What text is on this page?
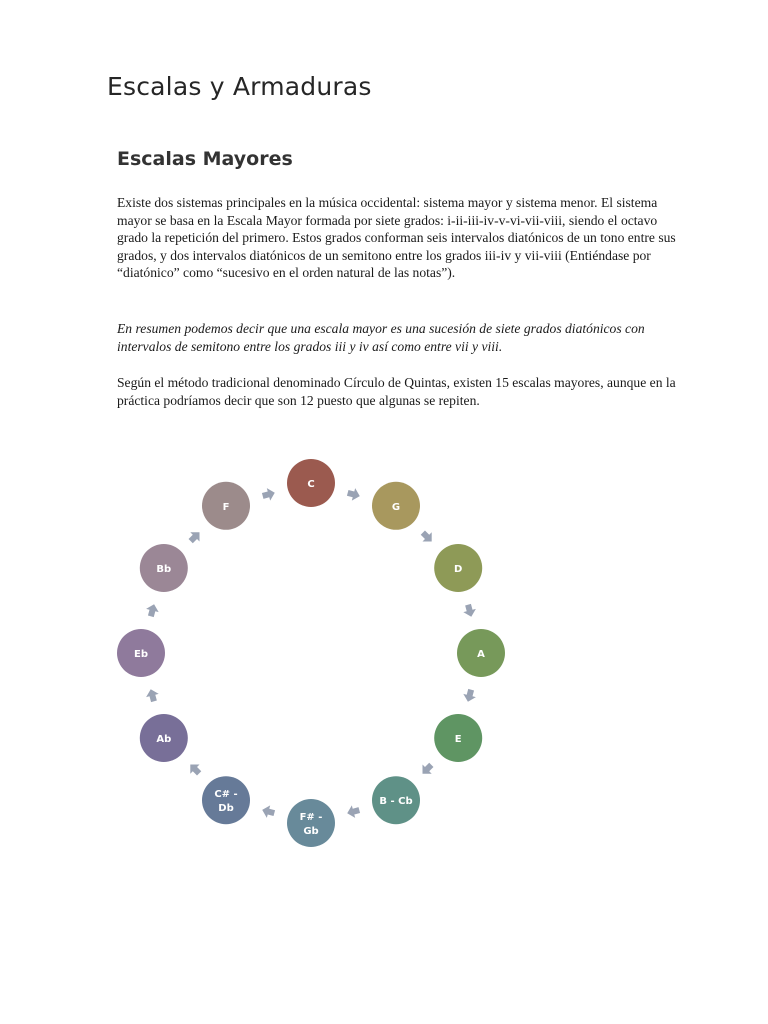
Escalas y Armaduras
Escalas Mayores

Existe dos sistemas principales en la música occidental: sistema mayor y sistema menor. El sistema mayor se basa en la Escala Mayor formada por siete grados: i-ii-iii-iv-v-vi-vii-viii, siendo el octavo grado la repetición del primero. Estos grados conforman seis intervalos diatónicos de un tono entre sus grados, y dos intervalos diatónicos de un semitono entre los grados iii-iv y vii-viii (Entiéndase por “diatónico” como “sucesivo en el orden natural de las notas”).

En resumen podemos decir que una escala mayor es una sucesión de siete grados diatónicos con intervalos de semitono entre los grados iii y iv así como entre vii y viii.

Según el método tradicional denominado Círculo de Quintas, existen 15 escalas mayores, aunque en la práctica podríamos decir que son 12 puesto que algunas se repiten.

C
G
D
A
E
B - Cb
F# -
Gb
C# -
Db
Ab
Eb
Bb
F
